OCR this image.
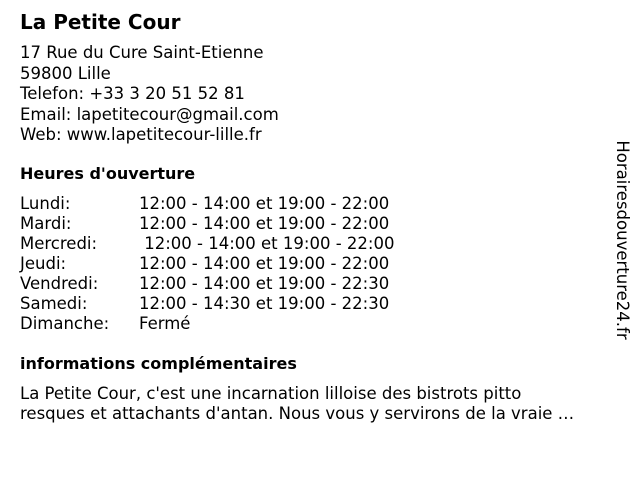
La Petite Cour
17 Rue du Cure Saint-Etienne
59800 Lille
Telefon: +33 3 20 51 52 81
Email: lapetitecour@gmail.com
Web: www.lapetitecour-lille.fr
Heures d'ouverture
Lundi:	12:00 - 14:00 et 19:00 - 22:00
Mardi:	12:00 - 14:00 et 19:00 - 22:00
Mercredi:	12:00 - 14:00 et 19:00 - 22:00
Jeudi:	12:00 - 14:00 et 19:00 - 22:00
Vendredi: 12:00 - 14:00 et 19:00 - 22:30
Samedi:	12:00 - 14:30 et 19:00 - 22:30
Dimanche: Fermé
informations complémentaires
La Petite Cour, c'est une incarnation lilloise des bistrots pitto
resques et attachants d'antan. Nous vous y servirons de la vraie …
Horairesdouverture24.fr
